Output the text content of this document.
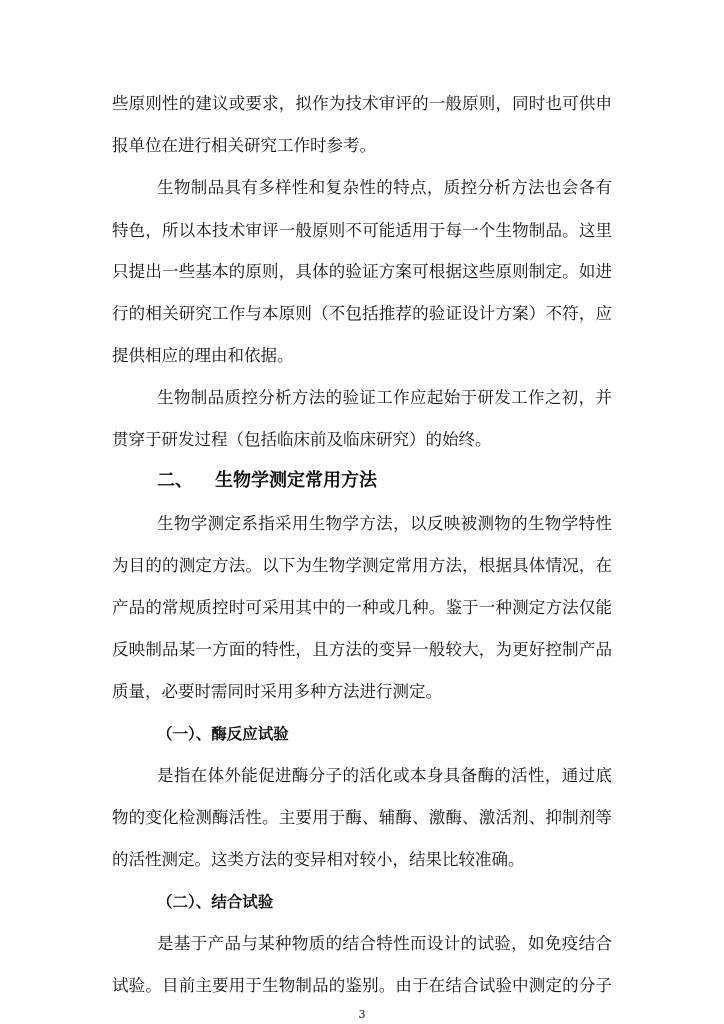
些原则性的建议或要求，拟作为技术审评的一般原则，同时也可供申
报单位在进行相关研究工作时参考。
生物制品具有多样性和复杂性的特点，质控分析方法也会各有
特色，所以本技术审评一般原则不可能适用于每一个生物制品。这里
只提出一些基本的原则，具体的验证方案可根据这些原则制定。如进
行的相关研究工作与本原则（不包括推荐的验证设计方案）不符，应
提供相应的理由和依据。
生物制品质控分析方法的验证工作应起始于研发工作之初，并
贯穿于研发过程（包括临床前及临床研究）的始终。
二、 生物学测定常用方法
生物学测定系指采用生物学方法，以反映被测物的生物学特性
为目的的测定方法。以下为生物学测定常用方法，根据具体情况，在
产品的常规质控时可采用其中的一种或几种。鉴于一种测定方法仅能
反映制品某一方面的特性，且方法的变异一般较大，为更好控制产品
质量，必要时需同时采用多种方法进行测定。
（一）、酶反应试验
是指在体外能促进酶分子的活化或本身具备酶的活性，通过底
物的变化检测酶活性。主要用于酶、辅酶、激酶、激活剂、抑制剂等
的活性测定。这类方法的变异相对较小，结果比较准确。
（二）、结合试验
是基于产品与某种物质的结合特性而设计的试验，如免疫结合
试验。目前主要用于生物制品的鉴别。由于在结合试验中测定的分子
3
